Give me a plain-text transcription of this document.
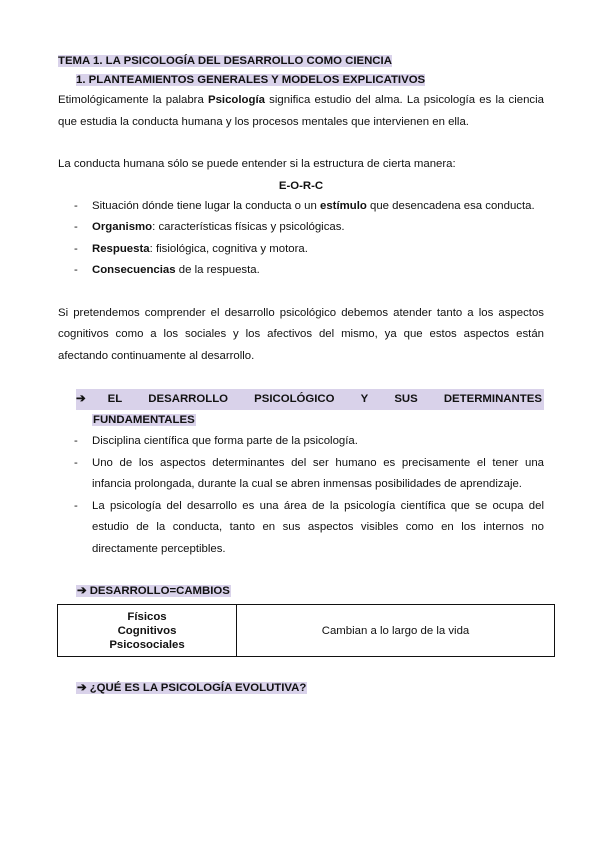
TEMA 1. LA PSICOLOGÍA DEL DESARROLLO COMO CIENCIA
1. PLANTEAMIENTOS GENERALES Y MODELOS EXPLICATIVOS

Etimológicamente la palabra Psicología significa estudio del alma. La psicología es la ciencia que estudia la conducta humana y los procesos mentales que intervienen en ella.

La conducta humana sólo se puede entender si la estructura de cierta manera:

E-O-R-C
- Situación dónde tiene lugar la conducta o un estímulo que desencadena esa conducta.
- Organismo: características físicas y psicológicas.
- Respuesta: fisiológica, cognitiva y motora.
- Consecuencias de la respuesta.

Si pretendemos comprender el desarrollo psicológico debemos atender tanto a los aspectos cognitivos como a los sociales y los afectivos del mismo, ya que estos aspectos están afectando continuamente al desarrollo.

➔ EL DESARROLLO PSICOLÓGICO Y SUS DETERMINANTES
FUNDAMENTALES
- Disciplina científica que forma parte de la psicología.
- Uno de los aspectos determinantes del ser humano es precisamente el tener una infancia prolongada, durante la cual se abren inmensas posibilidades de aprendizaje.
- La psicología del desarrollo es una área de la psicología científica que se ocupa del estudio de la conducta, tanto en sus aspectos visibles como en los internos no directamente perceptibles.
➔ DESARROLLO=CAMBIOS
Físicos
Cognitivos
Psicosociales
	Cambian a lo largo de la vida
➔ ¿QUÉ ES LA PSICOLOGÍA EVOLUTIVA?
